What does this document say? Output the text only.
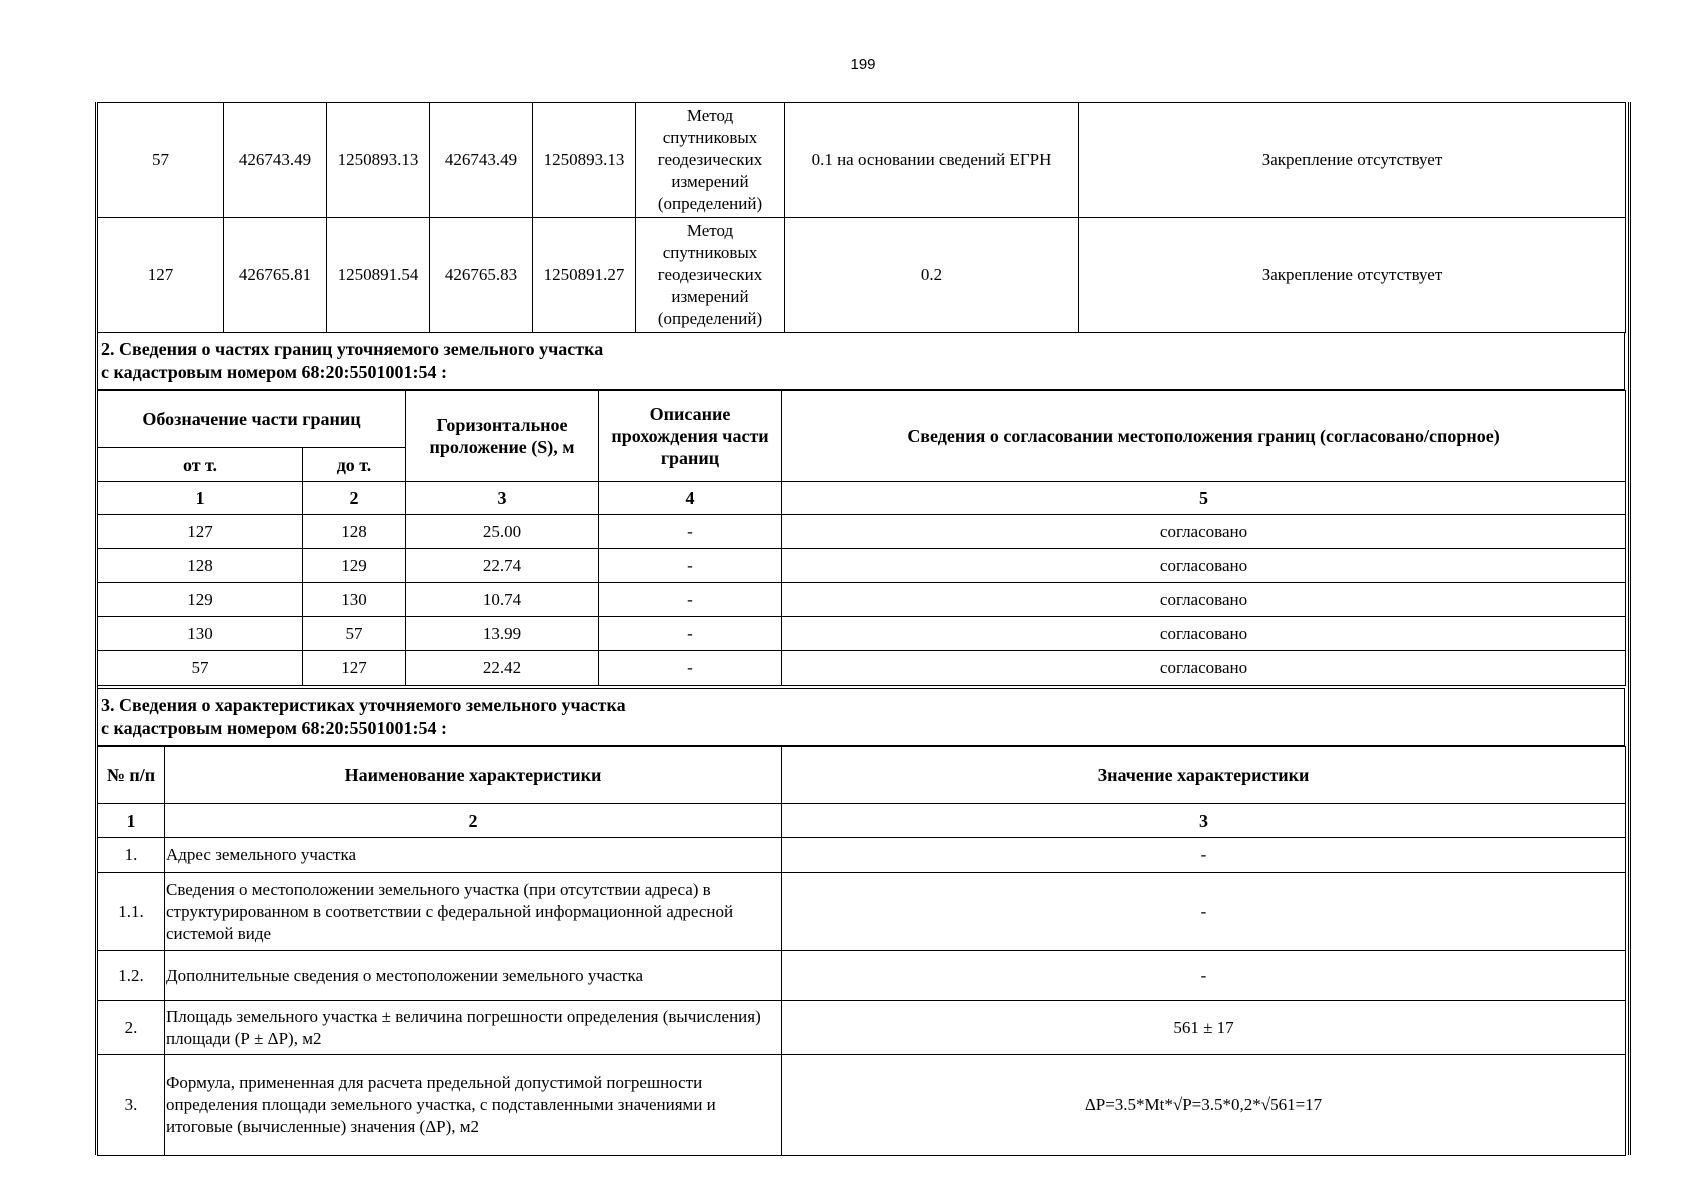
199
57	426743.49	1250893.13	426743.49	1250893.13	Метод спутниковых геодезических измерений (определений)	0.1 на основании сведений ЕГРН	Закрепление отсутствует
127	426765.81	1250891.54	426765.83	1250891.27	Метод спутниковых геодезических измерений (определений)	0.2	Закрепление отсутствует
2. Сведения о частях границ уточняемого земельного участка
с кадастровым номером 68:20:5501001:54 :
Обозначение части границ		Горизонтальное проложение (S), м	Описание прохождения части границ	Сведения о согласовании местоположения границ (согласовано/спорное)
от т.	до т.			
1	2	3	4	5
127	128	25.00	-	согласовано
128	129	22.74	-	согласовано
129	130	10.74	-	согласовано
130	57	13.99	-	согласовано
57	127	22.42	-	согласовано
3. Сведения о характеристиках уточняемого земельного участка
с кадастровым номером 68:20:5501001:54 :
№ п/п	Наименование характеристики	Значение характеристики
1	2	3
1.	Адрес земельного участка	-
1.1.	Сведения о местоположении земельного участка (при отсутствии адреса) в структурированном в соответствии с федеральной информационной адресной системой виде	-
1.2.	Дополнительные сведения о местоположении земельного участка	-
2.	Площадь земельного участка ± величина погрешности определения (вычисления) площади (Р ± ΔР), м2	561 ± 17
3.	Формула, примененная для расчета предельной допустимой погрешности определения площади земельного участка, с подставленными значениями и итоговые (вычисленные) значения (ΔР), м2	ΔР=3.5*Mt*√P=3.5*0,2*√561=17
